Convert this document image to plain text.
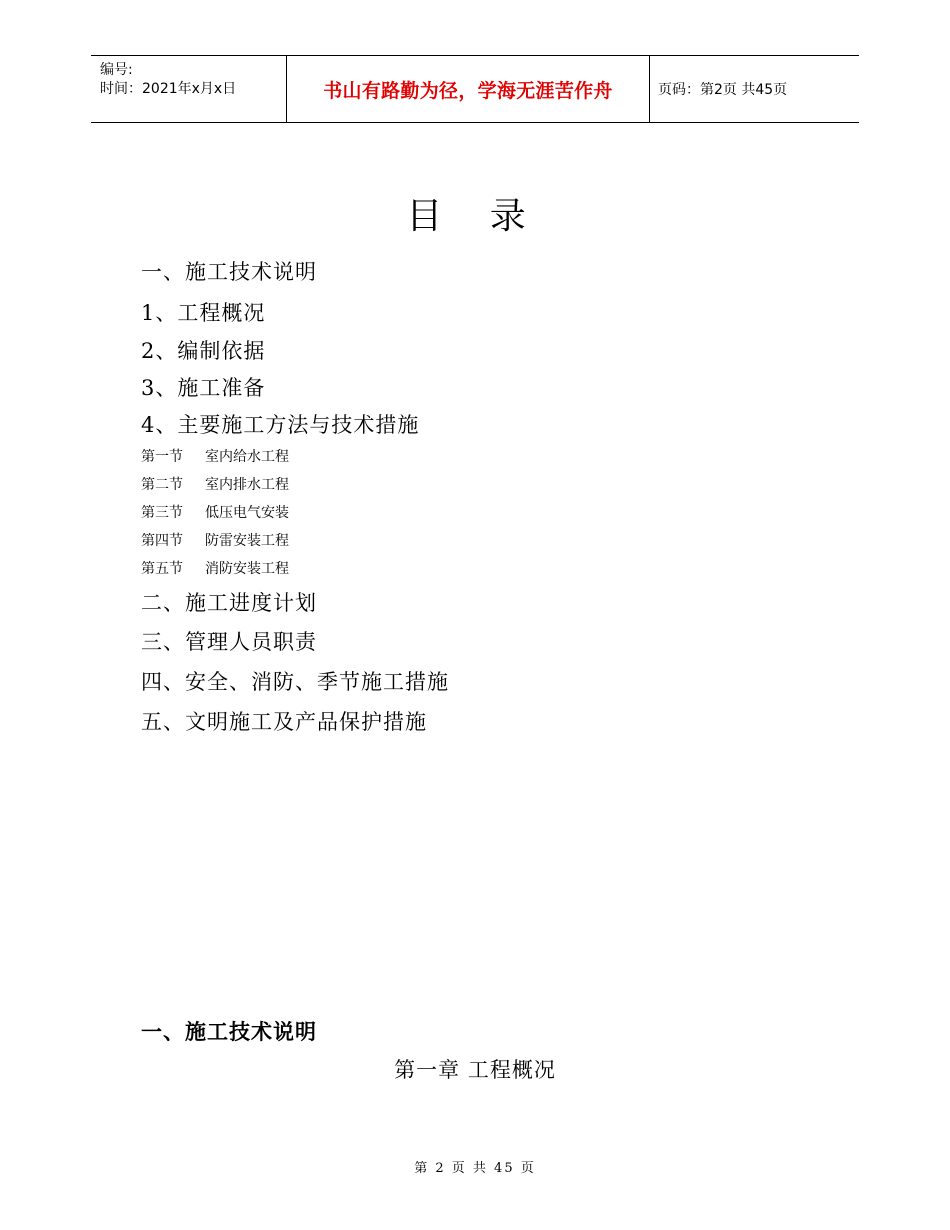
编号:
时间：2021年x月x日	书山有路勤为径，学海无涯苦作舟	页码：第2页 共45页
目 录
一、施工技术说明
1、工程概况
2、编制依据
3、施工准备
4、主要施工方法与技术措施
第一节 室内给水工程
第二节 室内排水工程
第三节 低压电气安装
第四节 防雷安装工程
第五节 消防安装工程
二、施工进度计划
三、管理人员职责
四、安全、消防、季节施工措施
五、文明施工及产品保护措施
一、施工技术说明
第一章 工程概况
第 2 页 共 45 页
